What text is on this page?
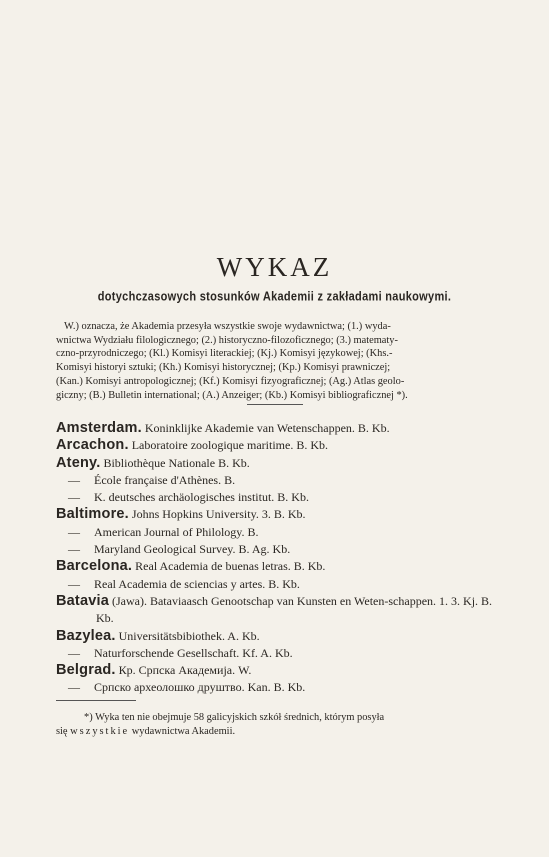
WYKAZ
dotychczasowych stosunków Akademii z zakładami naukowymi.

W.) oznacza, że Akademia przesyła wszystkie swoje wydawnictwa; (1.) wyda-

wnictwa Wydziału filologicznego; (2.) historyczno-filozoficznego; (3.) matematy-

czno-przyrodniczego; (Kl.) Komisyi literackiej; (Kj.) Komisyi językowej; (Khs.-

Komisyi historyi sztuki; (Kh.) Komisyi historycznej; (Kp.) Komisyi prawniczej;

(Kan.) Komisyi antropologicznej; (Kf.) Komisyi fizyograficznej; (Ag.) Atlas geolo-

giczny; (B.) Bulletin international; (A.) Anzeiger; (Kb.) Komisyi bibliograficznej *).

Amsterdam. Koninklijke Akademie van Wetenschappen. B. Kb.

Arcachon. Laboratoire zoologique maritime. B. Kb.

Ateny. Bibliothèque Nationale B. Kb.

— École française d'Athènes. B.

— K. deutsches archäologisches institut. B. Kb.

Baltimore. Johns Hopkins University. 3. B. Kb.

— American Journal of Philology. B.

— Maryland Geological Survey. B. Ag. Kb.

Barcelona. Real Academia de buenas letras. B. Kb.

— Real Academia de sciencias y artes. B. Kb.

Batavia (Jawa). Bataviaasch Genootschap van Kunsten en Weten-schappen. 1. 3. Kj. B. Kb.

Bazylea. Universitätsbibiothek. A. Kb.

— Naturforschende Gesellschaft. Kf. A. Kb.

Belgrad. Кр. Српска Академија. W.

— Српско археолошко друштво. Kan. B. Kb.

*) Wyka ten nie obejmuje 58 galicyjskich szkół średnich, którym posyła
się wszystkie wydawnictwa Akademii.
